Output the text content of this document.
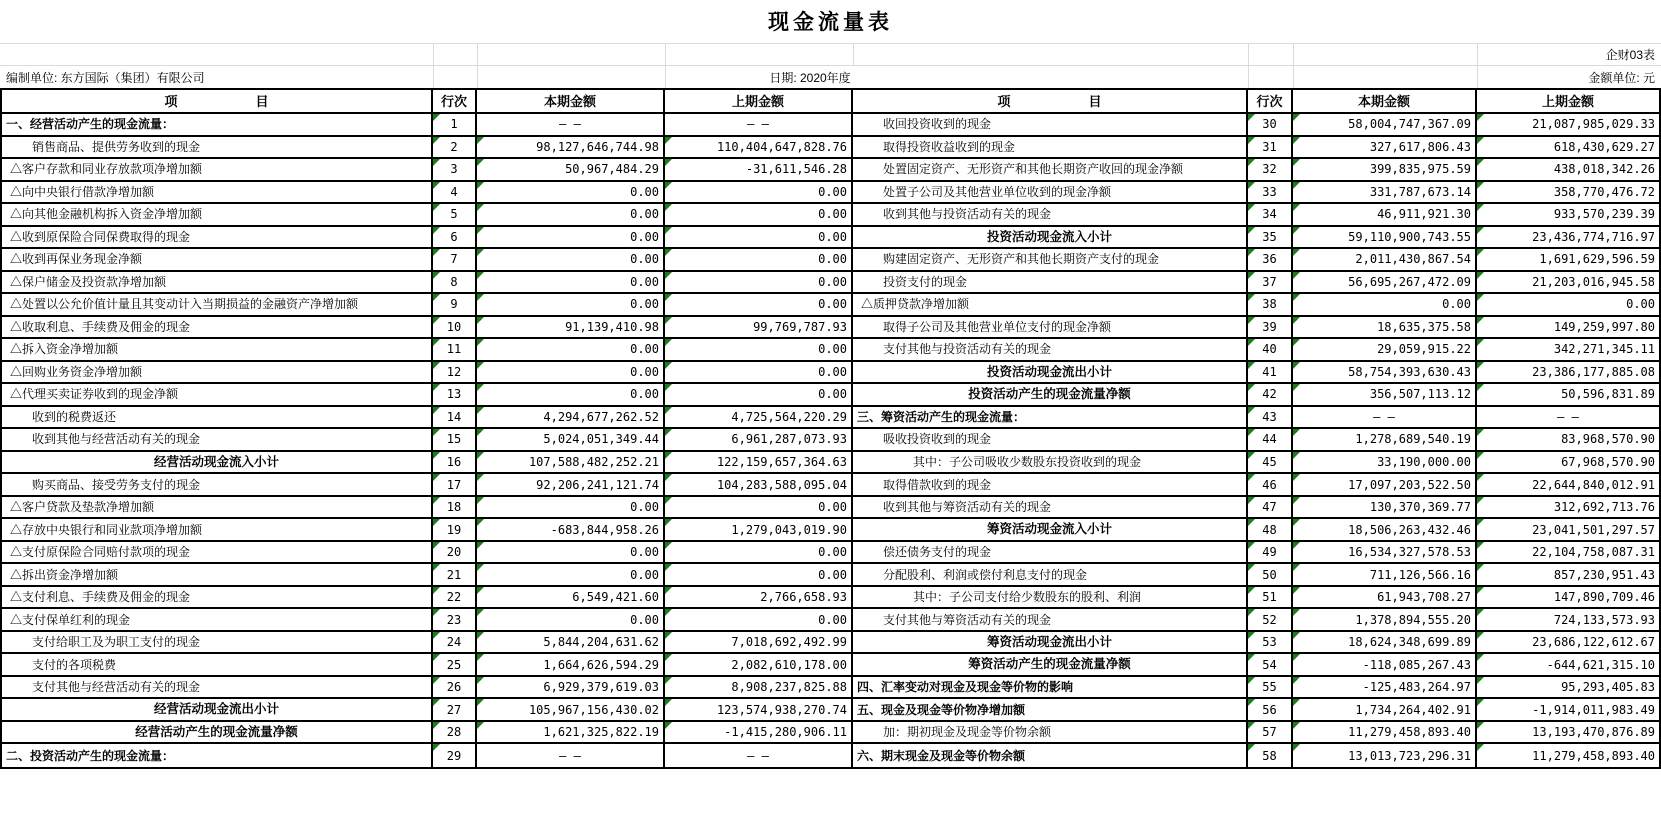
现金流量表
企财03表
编制单位: 东方国际（集团）有限公司	日期: 2020年度	金额单位: 元
项　　　　　　目	行次	本期金额	上期金额	项　　　　　　目	行次	本期金额	上期金额
一、经营活动产生的现金流量：	1	— —	— —	收回投资收到的现金	30	58,004,747,367.09	21,087,985,029.33
销售商品、提供劳务收到的现金	2	98,127,646,744.98	110,404,647,828.76	取得投资收益收到的现金	31	327,617,806.43	618,430,629.27
△客户存款和同业存放款项净增加额	3	50,967,484.29	-31,611,546.28	处置固定资产、无形资产和其他长期资产收回的现金净额	32	399,835,975.59	438,018,342.26
△向中央银行借款净增加额	4	0.00	0.00	处置子公司及其他营业单位收到的现金净额	33	331,787,673.14	358,770,476.72
△向其他金融机构拆入资金净增加额	5	0.00	0.00	收到其他与投资活动有关的现金	34	46,911,921.30	933,570,239.39
△收到原保险合同保费取得的现金	6	0.00	0.00	投资活动现金流入小计	35	59,110,900,743.55	23,436,774,716.97
△收到再保业务现金净额	7	0.00	0.00	购建固定资产、无形资产和其他长期资产支付的现金	36	2,011,430,867.54	1,691,629,596.59
△保户储金及投资款净增加额	8	0.00	0.00	投资支付的现金	37	56,695,267,472.09	21,203,016,945.58
△处置以公允价值计量且其变动计入当期损益的金融资产净增加额	9	0.00	0.00	△质押贷款净增加额	38	0.00	0.00
△收取利息、手续费及佣金的现金	10	91,139,410.98	99,769,787.93	取得子公司及其他营业单位支付的现金净额	39	18,635,375.58	149,259,997.80
△拆入资金净增加额	11	0.00	0.00	支付其他与投资活动有关的现金	40	29,059,915.22	342,271,345.11
△回购业务资金净增加额	12	0.00	0.00	投资活动现金流出小计	41	58,754,393,630.43	23,386,177,885.08
△代理买卖证券收到的现金净额	13	0.00	0.00	投资活动产生的现金流量净额	42	356,507,113.12	50,596,831.89
收到的税费返还	14	4,294,677,262.52	4,725,564,220.29 三、筹资活动产生的现金流量：	43	— —	— —
收到其他与经营活动有关的现金	15	5,024,051,349.44	6,961,287,073.93	吸收投资收到的现金	44	1,278,689,540.19	83,968,570.90
经营活动现金流入小计	16	107,588,482,252.21	122,159,657,364.63	其中：子公司吸收少数股东投资收到的现金	45	33,190,000.00	67,968,570.90
购买商品、接受劳务支付的现金	17	92,206,241,121.74	104,283,588,095.04	取得借款收到的现金	46	17,097,203,522.50	22,644,840,012.91
△客户贷款及垫款净增加额	18	0.00	0.00	收到其他与筹资活动有关的现金	47	130,370,369.77	312,692,713.76
△存放中央银行和同业款项净增加额	19	-683,844,958.26	1,279,043,019.90	筹资活动现金流入小计	48	18,506,263,432.46	23,041,501,297.57
△支付原保险合同赔付款项的现金	20	0.00	0.00	偿还债务支付的现金	49	16,534,327,578.53	22,104,758,087.31
△拆出资金净增加额	21	0.00	0.00	分配股利、利润或偿付利息支付的现金	50	711,126,566.16	857,230,951.43
△支付利息、手续费及佣金的现金	22	6,549,421.60	2,766,658.93	其中：子公司支付给少数股东的股利、利润	51	61,943,708.27	147,890,709.46
△支付保单红利的现金	23	0.00	0.00	支付其他与筹资活动有关的现金	52	1,378,894,555.20	724,133,573.93
支付给职工及为职工支付的现金	24	5,844,204,631.62	7,018,692,492.99	筹资活动现金流出小计	53	18,624,348,699.89	23,686,122,612.67
支付的各项税费	25	1,664,626,594.29	2,082,610,178.00	筹资活动产生的现金流量净额	54	-118,085,267.43	-644,621,315.10
支付其他与经营活动有关的现金	26	6,929,379,619.03	8,908,237,825.88 四、汇率变动对现金及现金等价物的影响	55	-125,483,264.97	95,293,405.83
经营活动现金流出小计	27	105,967,156,430.02	123,574,938,270.74 五、现金及现金等价物净增加额	56	1,734,264,402.91	-1,914,011,983.49
经营活动产生的现金流量净额	28	1,621,325,822.19	-1,415,280,906.11	加：期初现金及现金等价物余额	57	11,279,458,893.40	13,193,470,876.89
二、投资活动产生的现金流量：	29	— —	— —	六、期末现金及现金等价物余额	58	13,013,723,296.31	11,279,458,893.40
